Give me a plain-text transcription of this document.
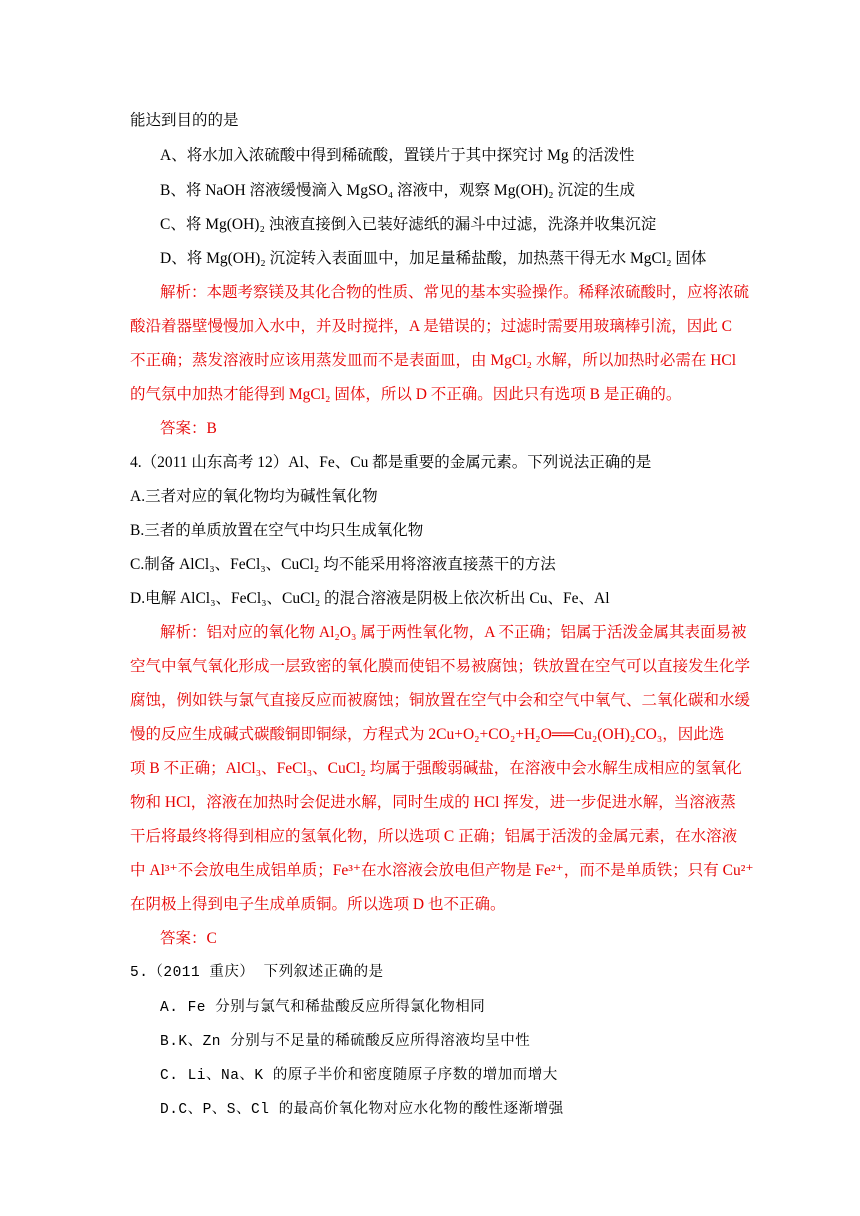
能达到目的的是
A、将水加入浓硫酸中得到稀硫酸，置镁片于其中探究讨 Mg 的活泼性
B、将 NaOH 溶液缓慢滴入 MgSO₄ 溶液中，观察 Mg(OH)₂ 沉淀的生成
C、将 Mg(OH)₂ 浊液直接倒入已装好滤纸的漏斗中过滤，洗涤并收集沉淀
D、将 Mg(OH)₂ 沉淀转入表面皿中，加足量稀盐酸，加热蒸干得无水 MgCl₂ 固体
解析：本题考察镁及其化合物的性质、常见的基本实验操作。稀释浓硫酸时，应将浓硫
酸沿着器壁慢慢加入水中，并及时搅拌，A 是错误的；过滤时需要用玻璃棒引流，因此 C
不正确；蒸发溶液时应该用蒸发皿而不是表面皿，由 MgCl₂ 水解，所以加热时必需在 HCl
的气氛中加热才能得到 MgCl₂ 固体，所以 D 不正确。因此只有选项 B 是正确的。
答案：B
4.（2011 山东高考 12）Al、Fe、Cu 都是重要的金属元素。下列说法正确的是
A.三者对应的氧化物均为碱性氧化物
B.三者的单质放置在空气中均只生成氧化物
C.制备 AlCl₃、FeCl₃、CuCl₂ 均不能采用将溶液直接蒸干的方法
D.电解 AlCl₃、FeCl₃、CuCl₂ 的混合溶液是阴极上依次析出 Cu、Fe、Al
解析：铝对应的氧化物 Al₂O₃ 属于两性氧化物，A 不正确；铝属于活泼金属其表面易被
空气中氧气氧化形成一层致密的氧化膜而使铝不易被腐蚀；铁放置在空气可以直接发生化学
腐蚀，例如铁与氯气直接反应而被腐蚀；铜放置在空气中会和空气中氧气、二氧化碳和水缓
慢的反应生成碱式碳酸铜即铜绿，方程式为 2Cu+O₂+CO₂+H₂O══Cu₂(OH)₂CO₃，因此选
项 B 不正确；AlCl₃、FeCl₃、CuCl₂ 均属于强酸弱碱盐，在溶液中会水解生成相应的氢氧化
物和 HCl，溶液在加热时会促进水解，同时生成的 HCl 挥发，进一步促进水解，当溶液蒸
干后将最终将得到相应的氢氧化物，所以选项 C 正确；铝属于活泼的金属元素，在水溶液
中 Al³⁺不会放电生成铝单质；Fe³⁺在水溶液会放电但产物是 Fe²⁺，而不是单质铁；只有 Cu²⁺
在阴极上得到电子生成单质铜。所以选项 D 也不正确。
答案：C
5.（2011 重庆） 下列叙述正确的是
A. Fe 分别与氯气和稀盐酸反应所得氯化物相同
B.K、Zn 分别与不足量的稀硫酸反应所得溶液均呈中性
C. Li、Na、K 的原子半价和密度随原子序数的增加而增大
D.C、P、S、Cl 的最高价氧化物对应水化物的酸性逐渐增强
